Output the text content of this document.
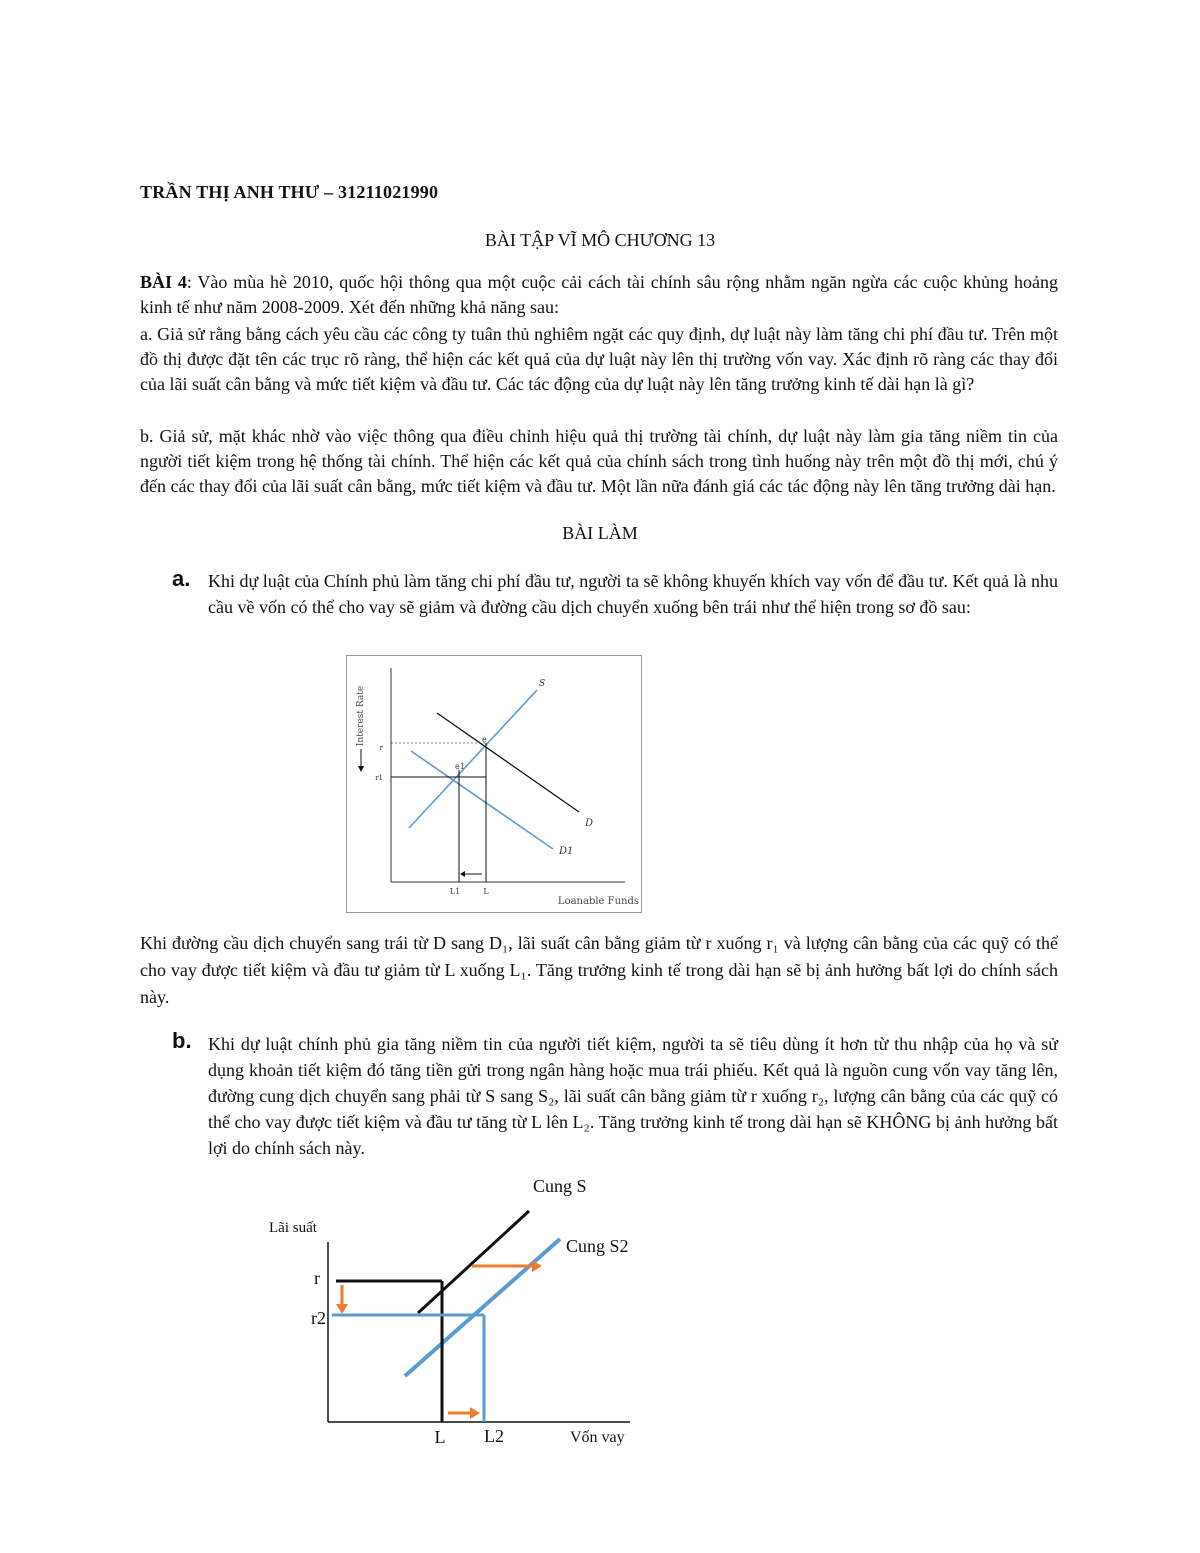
TRẦN THỊ ANH THƯ – 31211021990
BÀI TẬP VĨ MÔ CHƯƠNG 13
BÀI 4: Vào mùa hè 2010, quốc hội thông qua một cuộc cải cách tài chính sâu rộng nhằm ngăn ngừa các cuộc khủng hoảng kinh tế như năm 2008-2009. Xét đến những khả năng sau:
a. Giả sử rằng bằng cách yêu cầu các công ty tuân thủ nghiêm ngặt các quy định, dự luật này làm tăng chi phí đầu tư. Trên một đồ thị được đặt tên các trục rõ ràng, thể hiện các kết quả của dự luật này lên thị trường vốn vay. Xác định rõ ràng các thay đổi của lãi suất cân bằng và mức tiết kiệm và đầu tư. Các tác động của dự luật này lên tăng trưởng kinh tế dài hạn là gì?
b. Giả sử, mặt khác nhờ vào việc thông qua điều chỉnh hiệu quả thị trường tài chính, dự luật này làm gia tăng niềm tin của người tiết kiệm trong hệ thống tài chính. Thể hiện các kết quả của chính sách trong tình huống này trên một đồ thị mới, chú ý đến các thay đổi của lãi suất cân bằng, mức tiết kiệm và đầu tư. Một lần nữa đánh giá các tác động này lên tăng trưởng dài hạn.
BÀI LÀM
a. Khi dự luật của Chính phủ làm tăng chi phí đầu tư, người ta sẽ không khuyến khích vay vốn để đầu tư. Kết quả là nhu cầu về vốn có thể cho vay sẽ giảm và đường cầu dịch chuyển xuống bên trái như thể hiện trong sơ đồ sau:
Interest Rate
Loanable Funds
S
D
D1
e
e1
r
r1
L1	L
Khi đường cầu dịch chuyển sang trái từ D sang D₁, lãi suất cân bằng giảm từ r xuống r₁ và lượng cân bằng của các quỹ có thể cho vay được tiết kiệm và đầu tư giảm từ L xuống L₁. Tăng trưởng kinh tế trong dài hạn sẽ bị ảnh hưởng bất lợi do chính sách này.
b. Khi dự luật chính phủ gia tăng niềm tin của người tiết kiệm, người ta sẽ tiêu dùng ít hơn từ thu nhập của họ và sử dụng khoản tiết kiệm đó tăng tiền gửi trong ngân hàng hoặc mua trái phiếu. Kết quả là nguồn cung vốn vay tăng lên, đường cung dịch chuyển sang phải từ S sang S₂, lãi suất cân bằng giảm từ r xuống r₂, lượng cân bằng của các quỹ có thể cho vay được tiết kiệm và đầu tư tăng từ L lên L₂. Tăng trưởng kinh tế trong dài hạn sẽ KHÔNG bị ảnh hưởng bất lợi do chính sách này.
Cung S
Lãi suất
Cung S2
r
r2
L L2	Vốn vay
